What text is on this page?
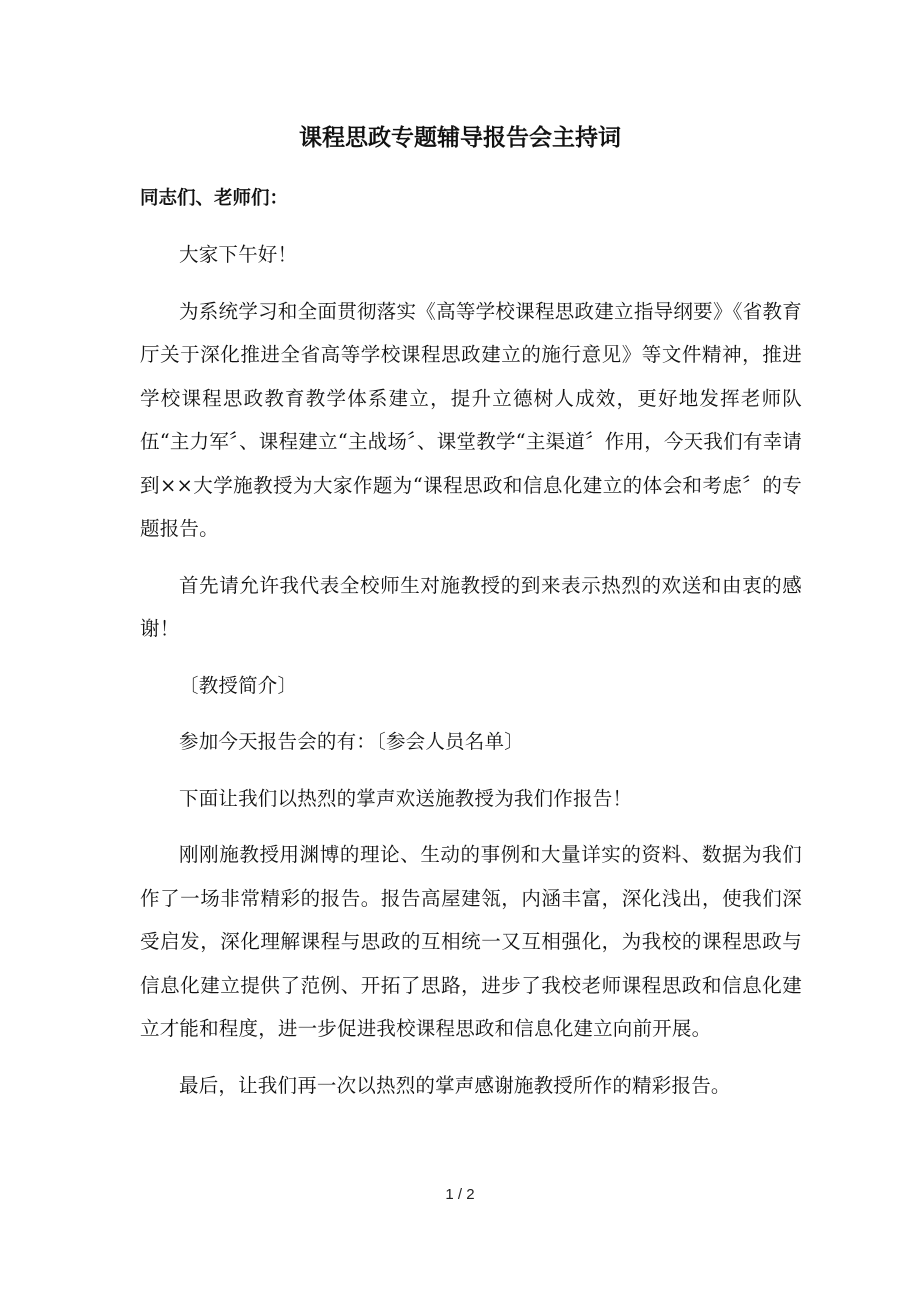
课程思政专题辅导报告会主持词

同志们、老师们：

大家下午好！

为系统学习和全面贯彻落实《高等学校课程思政建立指导纲要》《省教育厅关于深化推进全省高等学校课程思政建立的施行意见》等文件精神，推进学校课程思政教育教学体系建立，提升立德树人成效，更好地发挥老师队伍“主力军〞、课程建立“主战场〞、课堂教学“主渠道〞作用，今天我们有幸请到××大学施教授为大家作题为“课程思政和信息化建立的体会和考虑〞的专题报告。

首先请允许我代表全校师生对施教授的到来表示热烈的欢送和由衷的感谢！

〔教授简介〕

参加今天报告会的有：〔参会人员名单〕

下面让我们以热烈的掌声欢送施教授为我们作报告！

刚刚施教授用渊博的理论、生动的事例和大量详实的资料、数据为我们作了一场非常精彩的报告。报告高屋建瓴，内涵丰富，深化浅出，使我们深受启发，深化理解课程与思政的互相统一又互相强化，为我校的课程思政与信息化建立提供了范例、开拓了思路，进步了我校老师课程思政和信息化建立才能和程度，进一步促进我校课程思政和信息化建立向前开展。

最后，让我们再一次以热烈的掌声感谢施教授所作的精彩报告。

1 / 2
